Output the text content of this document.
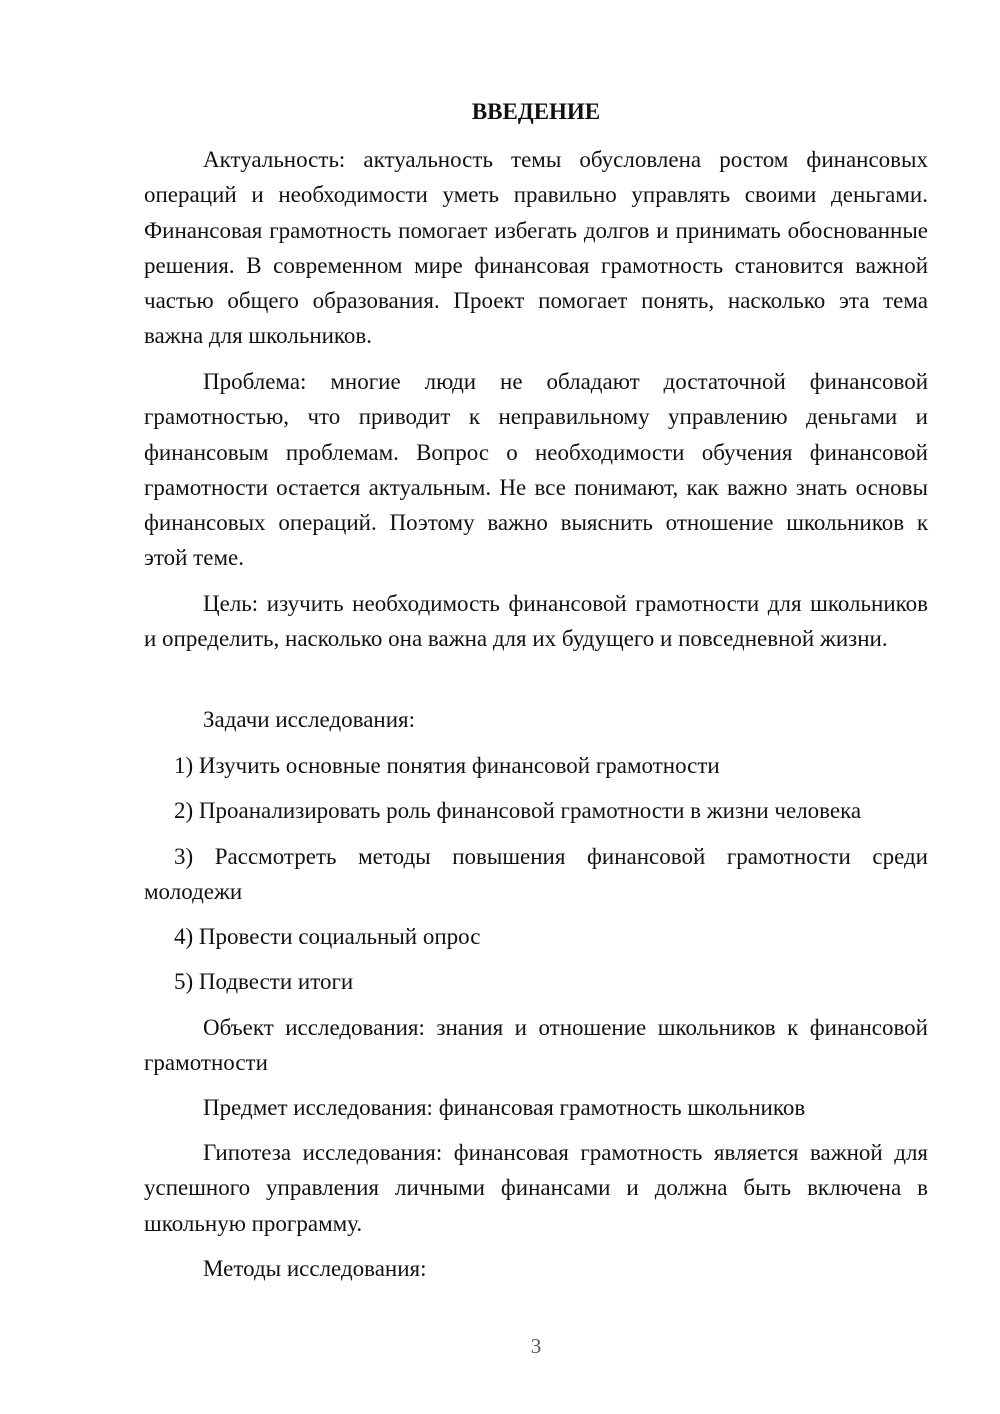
ВВЕДЕНИЕ

Актуальность: актуальность темы обусловлена ростом финансовых операций и необходимости уметь правильно управлять своими деньгами. Финансовая грамотность помогает избегать долгов и принимать обоснованные решения. В современном мире финансовая грамотность становится важной частью общего образования. Проект помогает понять, насколько эта тема важна для школьников.

Проблема: многие люди не обладают достаточной финансовой грамотностью, что приводит к неправильному управлению деньгами и финансовым проблемам. Вопрос о необходимости обучения финансовой грамотности остается актуальным. Не все понимают, как важно знать основы финансовых операций. Поэтому важно выяснить отношение школьников к этой теме.

Цель: изучить необходимость финансовой грамотности для школьников и определить, насколько она важна для их будущего и повседневной жизни.

Задачи исследования:

1) Изучить основные понятия финансовой грамотности

2) Проанализировать роль финансовой грамотности в жизни человека

3) Рассмотреть методы повышения финансовой грамотности среди молодежи

4) Провести социальный опрос

5) Подвести итоги

Объект исследования: знания и отношение школьников к финансовой грамотности

Предмет исследования: финансовая грамотность школьников

Гипотеза исследования: финансовая грамотность является важной для успешного управления личными финансами и должна быть включена в школьную программу.

Методы исследования:

3
